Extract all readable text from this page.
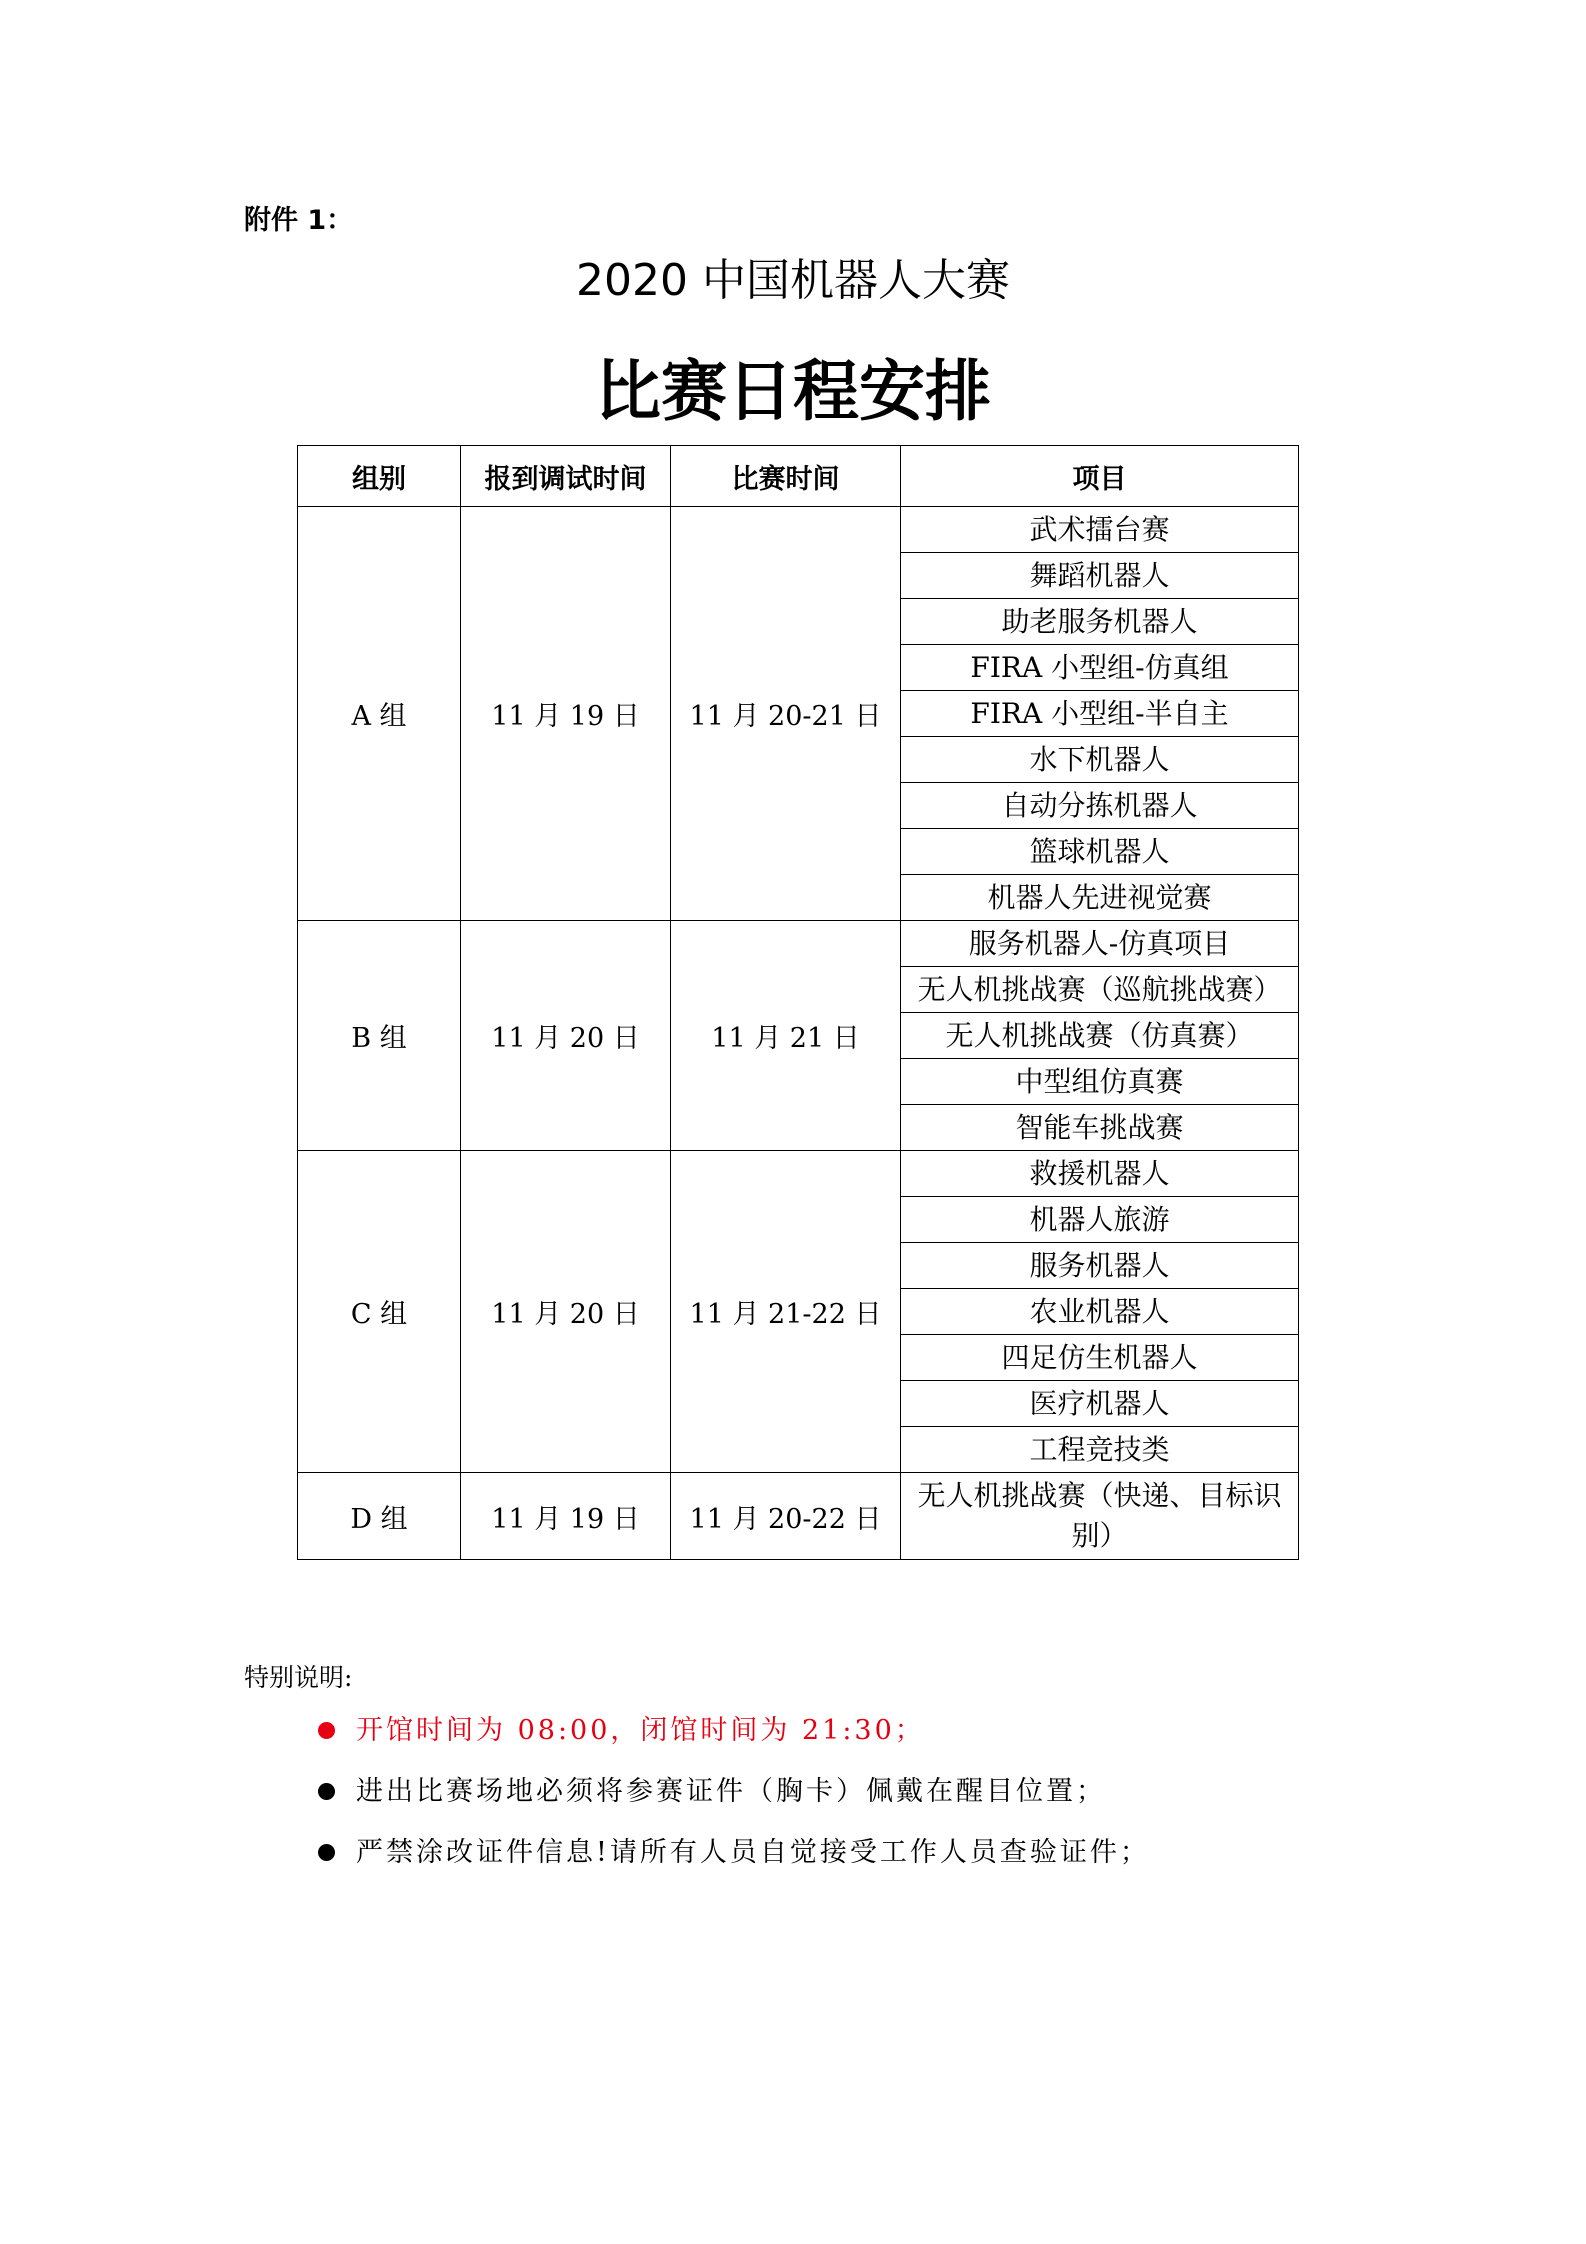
附件 1：
2020 中国机器人大赛
比赛日程安排
组别	报到调试时间	比赛时间	项目
A 组	11 月 19 日	11 月 20-21 日	武术擂台赛
			舞蹈机器人
			助老服务机器人
			FIRA 小型组-仿真组
			FIRA 小型组-半自主
			水下机器人
			自动分拣机器人
			篮球机器人
			机器人先进视觉赛
B 组	11 月 20 日	11 月 21 日	服务机器人-仿真项目
			无人机挑战赛（巡航挑战赛）
			无人机挑战赛（仿真赛）
			中型组仿真赛
			智能车挑战赛
C 组	11 月 20 日	11 月 21-22 日	救援机器人
			机器人旅游
			服务机器人
			农业机器人
			四足仿生机器人
			医疗机器人
			工程竞技类
D 组	11 月 19 日	11 月 20-22 日	无人机挑战赛（快递、目标识别）
特别说明:
开馆时间为 08:00，闭馆时间为 21:30；
进出比赛场地必须将参赛证件（胸卡）佩戴在醒目位置；
严禁涂改证件信息!请所有人员自觉接受工作人员查验证件；
